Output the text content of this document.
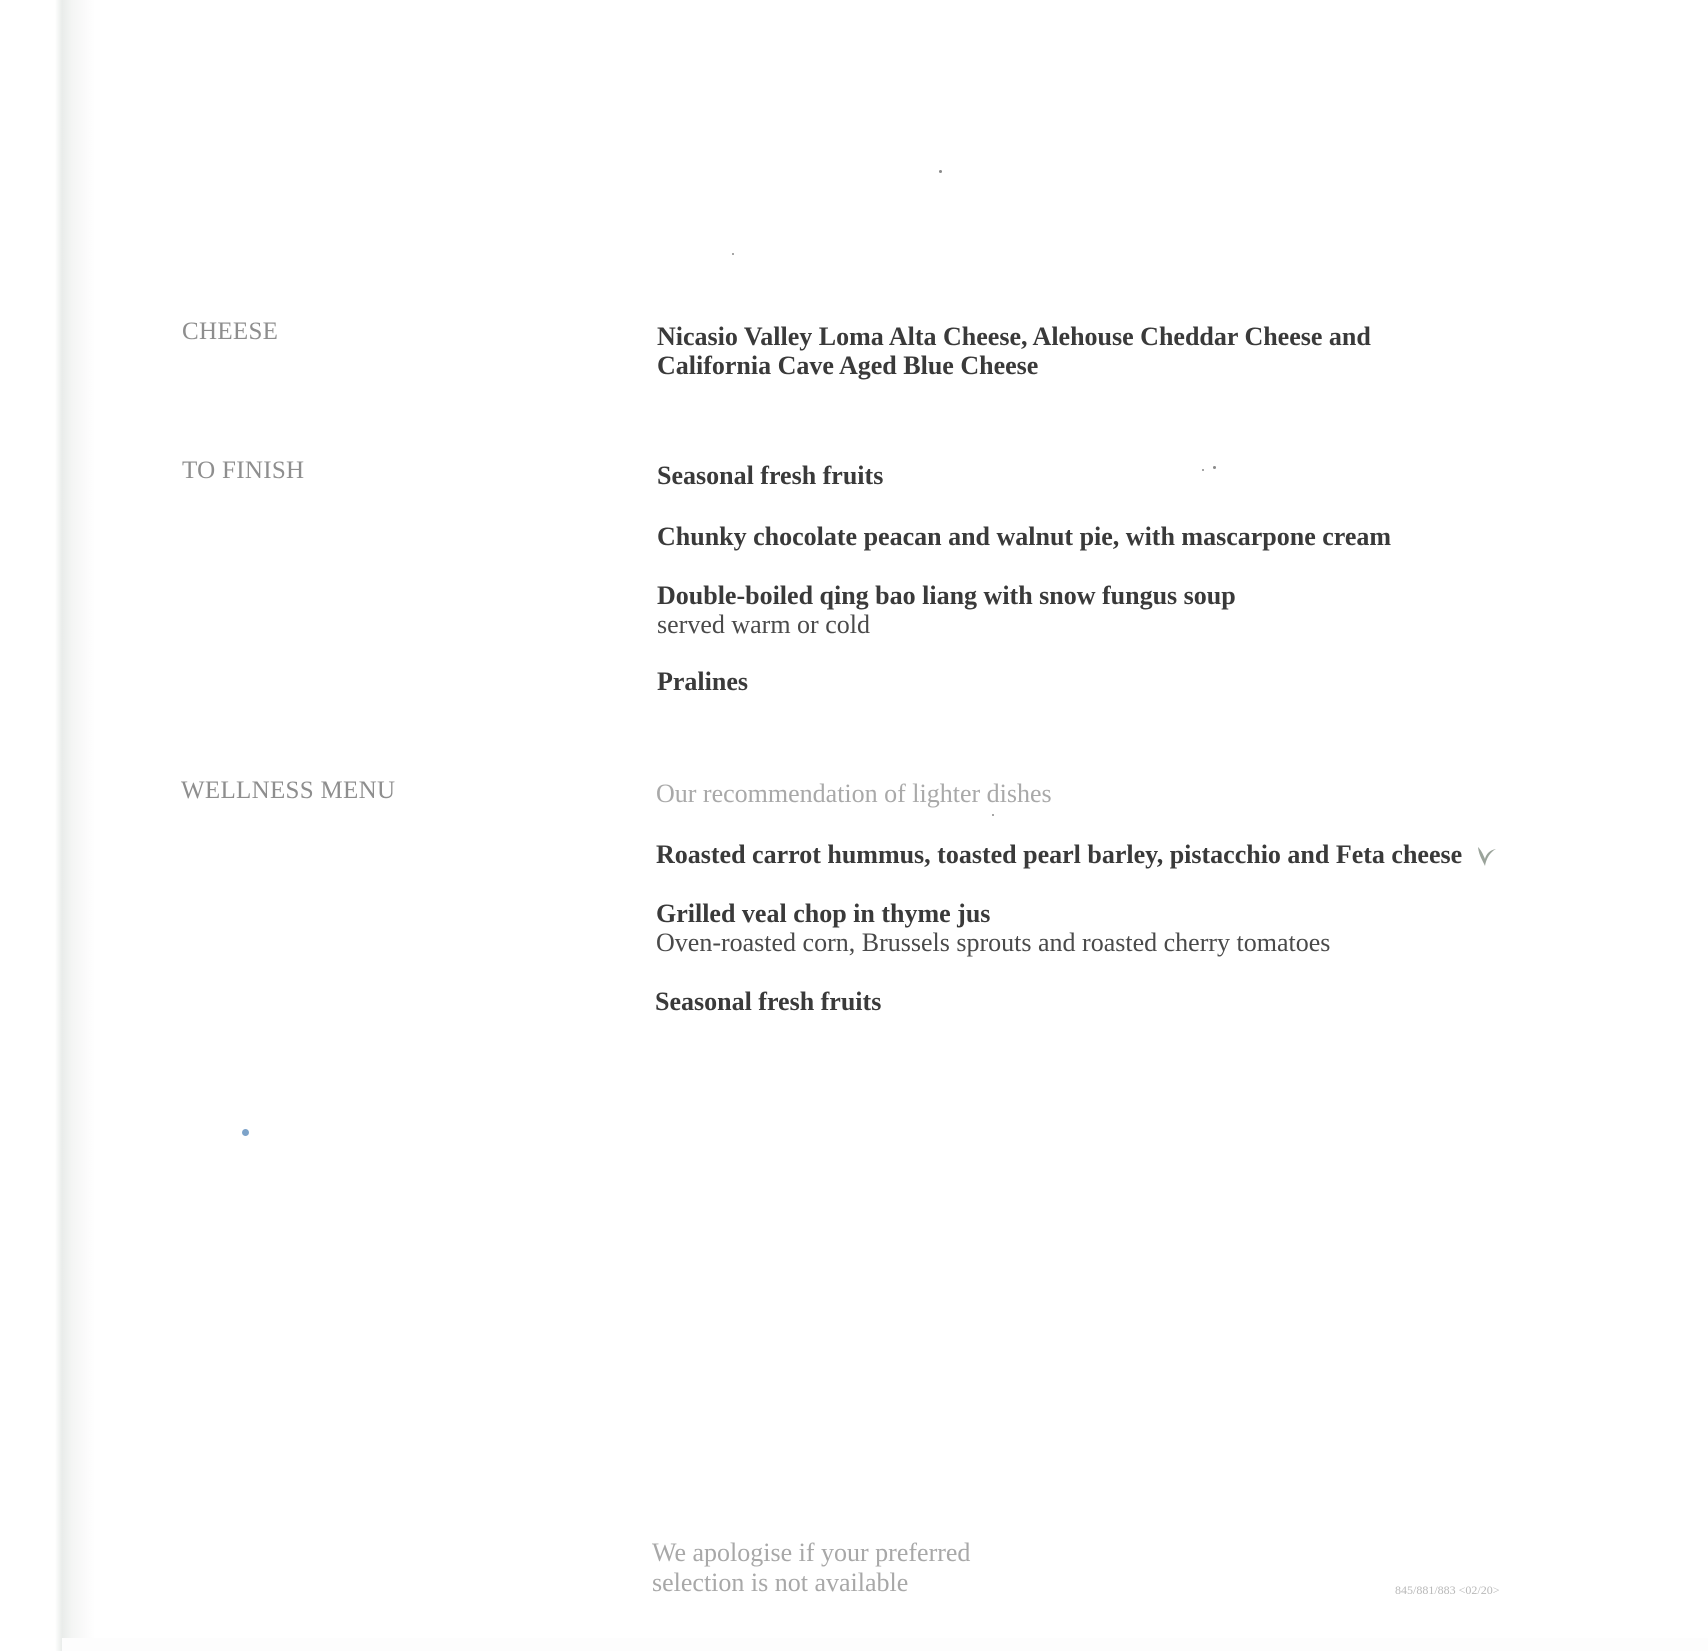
CHEESE	Nicasio Valley Loma Alta Cheese, Alehouse Cheddar Cheese and
California Cave Aged Blue Cheese
TO FINISH	Seasonal fresh fruits
Chunky chocolate peacan and walnut pie, with mascarpone cream
Double-boiled qing bao liang with snow fungus soup
served warm or cold
Pralines
WELLNESS MENU	Our recommendation of lighter dishes
Roasted carrot hummus, toasted pearl barley, pistacchio and Feta cheese
Grilled veal chop in thyme jus
Oven-roasted corn, Brussels sprouts and roasted cherry tomatoes
Seasonal fresh fruits
We apologise if your preferred
selection is not available	845/881/883 <02/20>
